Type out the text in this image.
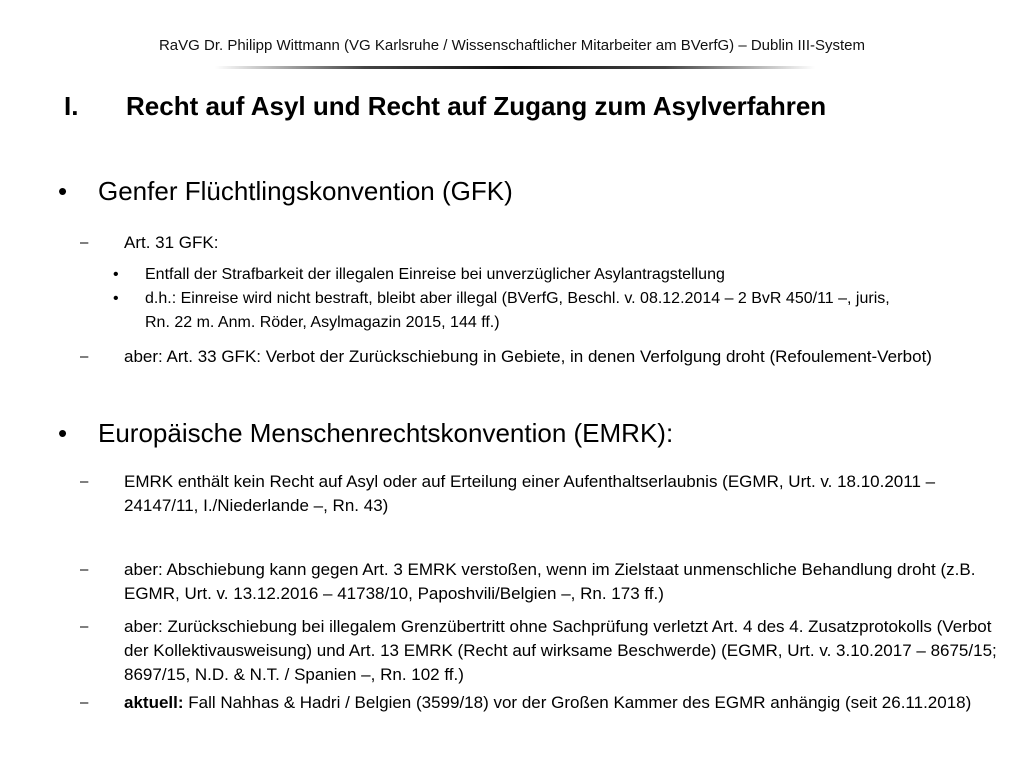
RaVG Dr. Philipp Wittmann (VG Karlsruhe / Wissenschaftlicher Mitarbeiter am BVerfG) – Dublin III-System
I. Recht auf Asyl und Recht auf Zugang zum Asylverfahren
• Genfer Flüchtlingskonvention (GFK)
– Art. 31 GFK:
• Entfall der Strafbarkeit der illegalen Einreise bei unverzüglicher Asylantragstellung
• d.h.: Einreise wird nicht bestraft, bleibt aber illegal (BVerfG, Beschl. v. 08.12.2014 – 2 BvR 450/11 –, juris, Rn. 22 m. Anm. Röder, Asylmagazin 2015, 144 ff.)
– aber: Art. 33 GFK: Verbot der Zurückschiebung in Gebiete, in denen Verfolgung droht (Refoulement-Verbot)
• Europäische Menschenrechtskonvention (EMRK):
– EMRK enthält kein Recht auf Asyl oder auf Erteilung einer Aufenthaltserlaubnis (EGMR, Urt. v. 18.10.2011 – 24147/11, I./Niederlande –, Rn. 43)
– aber: Abschiebung kann gegen Art. 3 EMRK verstoßen, wenn im Zielstaat unmenschliche Behandlung droht (z.B. EGMR, Urt. v. 13.12.2016 – 41738/10, Paposhvili/Belgien –, Rn. 173 ff.)
– aber: Zurückschiebung bei illegalem Grenzübertritt ohne Sachprüfung verletzt Art. 4 des 4. Zusatzprotokolls (Verbot der Kollektivausweisung) und Art. 13 EMRK (Recht auf wirksame Beschwerde) (EGMR, Urt. v. 3.10.2017 – 8675/15; 8697/15, N.D. & N.T. / Spanien –, Rn. 102 ff.)
– aktuell: Fall Nahhas & Hadri / Belgien (3599/18) vor der Großen Kammer des EGMR anhängig (seit 26.11.2018)
